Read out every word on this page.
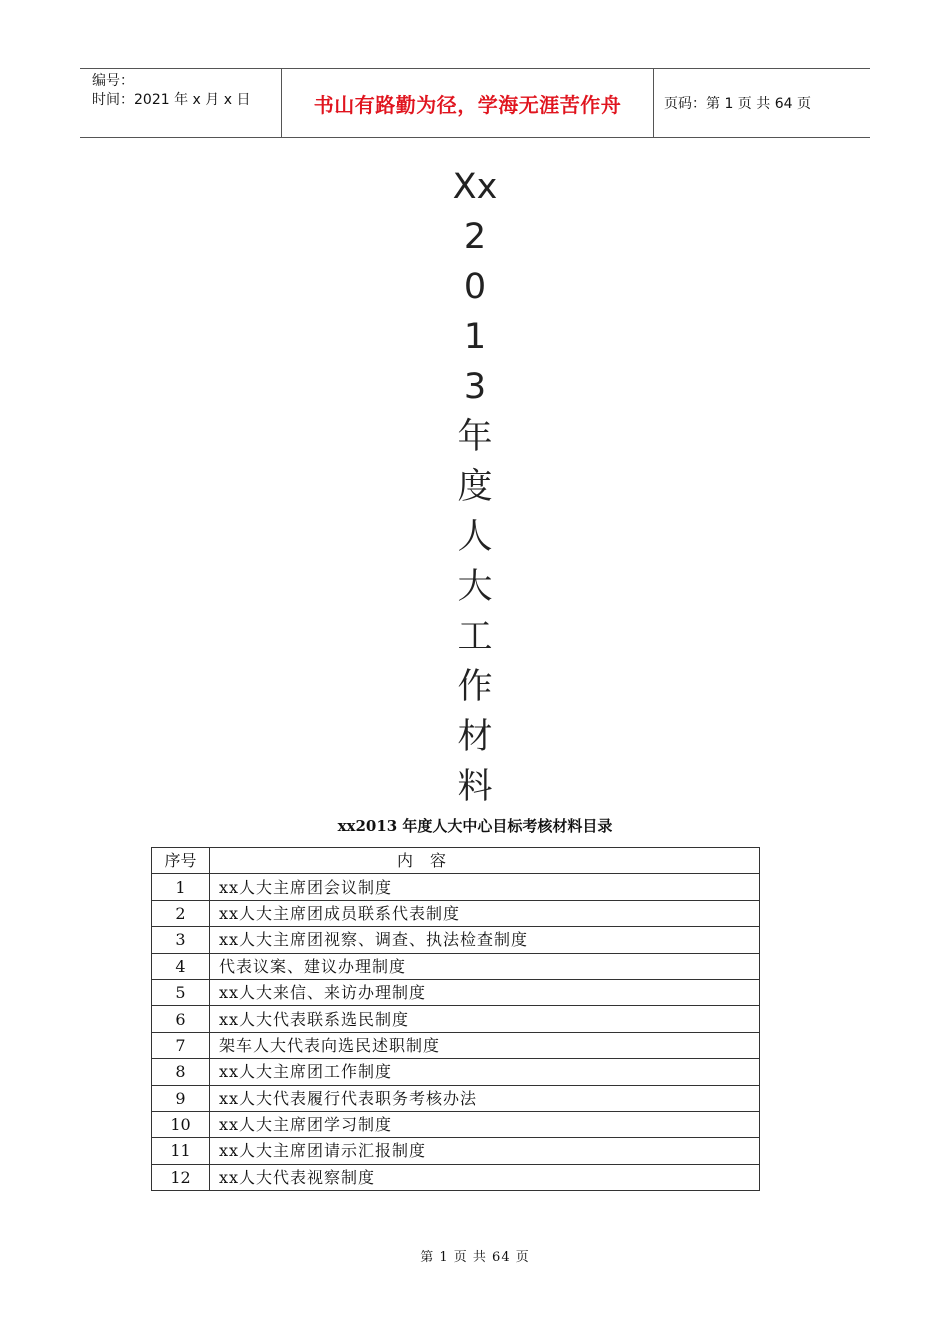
编号：
时间：2021 年 x 月 x 日	书山有路勤为径，学海无涯苦作舟	页码：第 1 页 共 64 页
Xx
2
0
1
3
年
度
人
大
工
作
材
料
xx2013 年度人大中心目标考核材料目录
序号	内 容
1	xx人大主席团会议制度
2	xx人大主席团成员联系代表制度
3	xx人大主席团视察、调查、执法检查制度
4	代表议案、建议办理制度
5	xx人大来信、来访办理制度
6	xx人大代表联系选民制度
7	架车人大代表向选民述职制度
8	xx人大主席团工作制度
9	xx人大代表履行代表职务考核办法
10	xx人大主席团学习制度
11	xx人大主席团请示汇报制度
12	xx人大代表视察制度
第 1 页 共 64 页
